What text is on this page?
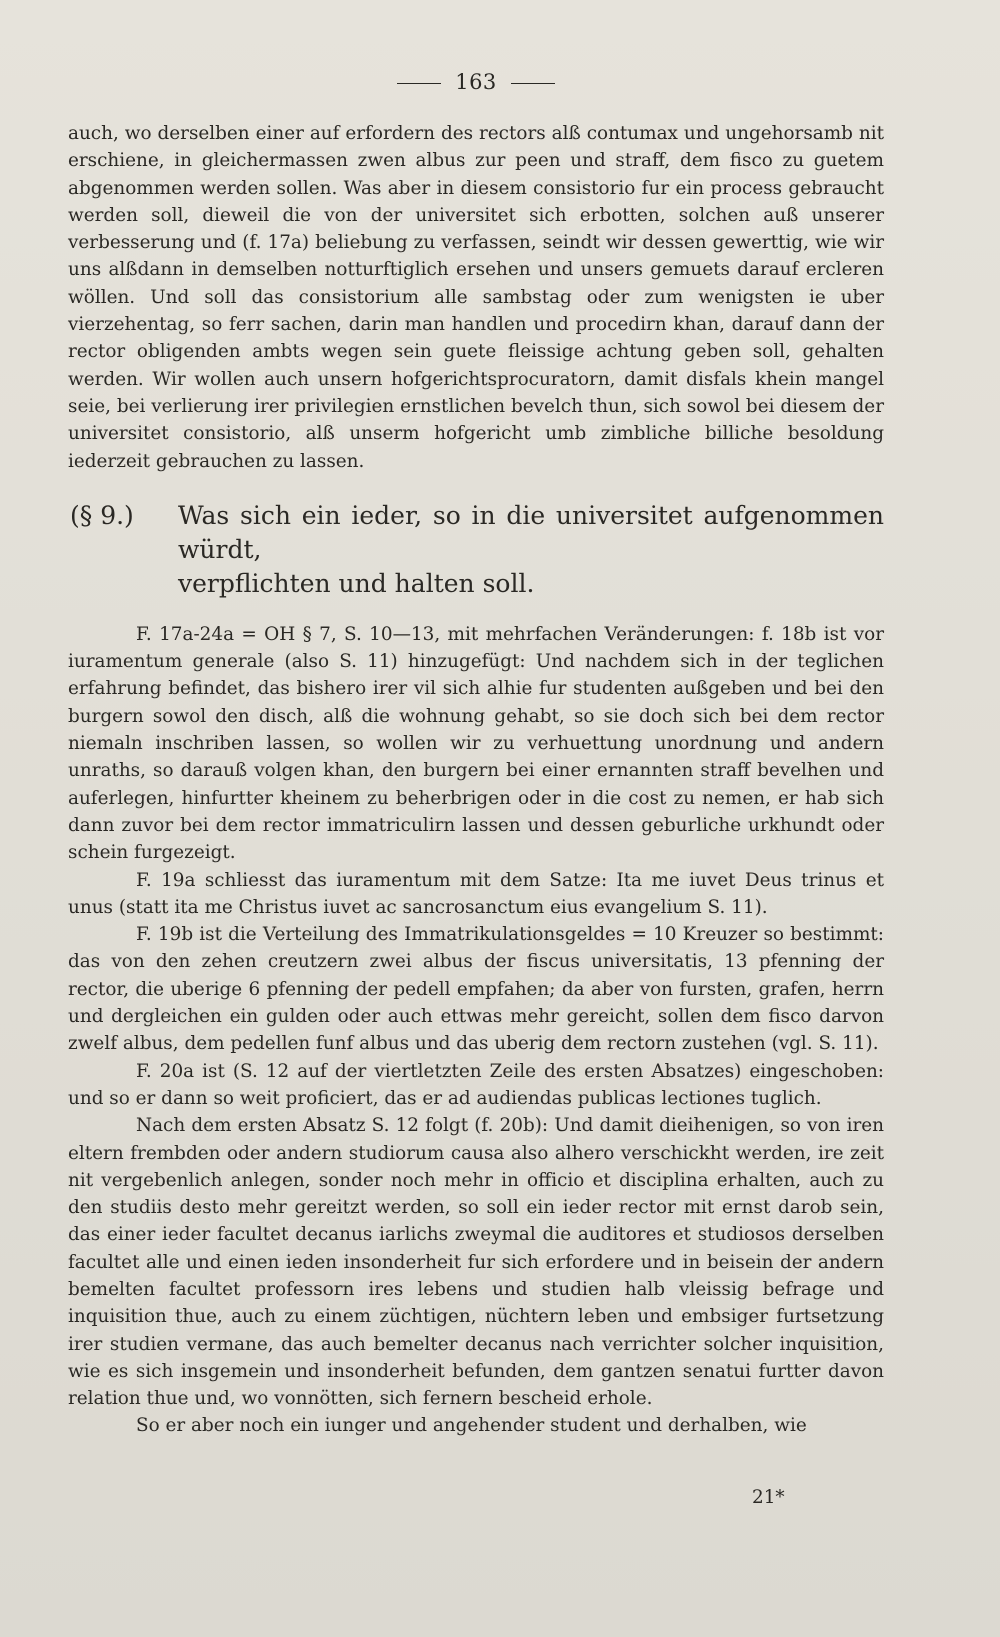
163

auch, wo derselben einer auf erfordern des rectors alß contumax und ungehorsamb nit erschiene, in gleichermassen zwen albus zur peen und straff, dem fisco zu guetem abgenommen werden sollen. Was aber in diesem consistorio fur ein process gebraucht werden soll, dieweil die von der universitet sich erbotten, solchen auß unserer verbesserung und (f. 17a) beliebung zu verfassen, seindt wir dessen gewerttig, wie wir uns alßdann in demselben notturftiglich ersehen und unsers gemuets darauf ercleren wöllen. Und soll das consistorium alle sambstag oder zum wenigsten ie uber vierzehentag, so ferr sachen, darin man handlen und procedirn khan, darauf dann der rector obligenden ambts wegen sein guete fleissige achtung geben soll, gehalten werden. Wir wollen auch unsern hofgerichtsprocuratorn, damit disfals khein mangel seie, bei verlierung irer privilegien ernstlichen bevelch thun, sich sowol bei diesem der universitet consistorio, alß unserm hofgericht umb zimbliche billiche besoldung iederzeit gebrauchen zu lassen.

(§ 9.)	Was sich ein ieder, so in die universitet aufgenommen würdt,
verpflichten und halten soll.

F. 17a-24a = OH § 7, S. 10—13, mit mehrfachen Veränderungen: f. 18b ist vor iuramentum generale (also S. 11) hinzugefügt: Und nachdem sich in der teglichen erfahrung befindet, das bishero irer vil sich alhie fur studenten außgeben und bei den burgern sowol den disch, alß die wohnung gehabt, so sie doch sich bei dem rector niemaln inschriben lassen, so wollen wir zu verhuettung unordnung und andern unraths, so darauß volgen khan, den burgern bei einer ernannten straff bevelhen und auferlegen, hinfurtter kheinem zu beherbrigen oder in die cost zu nemen, er hab sich dann zuvor bei dem rector immatriculirn lassen und dessen geburliche urkhundt oder schein furgezeigt.

F. 19a schliesst das iuramentum mit dem Satze: Ita me iuvet Deus trinus et unus (statt ita me Christus iuvet ac sancrosanctum eius evangelium S. 11).

F. 19b ist die Verteilung des Immatrikulationsgeldes = 10 Kreuzer so bestimmt: das von den zehen creutzern zwei albus der fiscus universitatis, 13 pfenning der rector, die uberige 6 pfenning der pedell empfahen; da aber von fursten, grafen, herrn und dergleichen ein gulden oder auch ettwas mehr gereicht, sollen dem fisco darvon zwelf albus, dem pedellen funf albus und das uberig dem rectorn zustehen (vgl. S. 11).

F. 20a ist (S. 12 auf der viertletzten Zeile des ersten Absatzes) eingeschoben: und so er dann so weit proficiert, das er ad audiendas publicas lectiones tuglich.

Nach dem ersten Absatz S. 12 folgt (f. 20b): Und damit dieihenigen, so von iren eltern frembden oder andern studiorum causa also alhero verschickht werden, ire zeit nit vergebenlich anlegen, sonder noch mehr in officio et disciplina erhalten, auch zu den studiis desto mehr gereitzt werden, so soll ein ieder rector mit ernst darob sein, das einer ieder facultet decanus iarlichs zweymal die auditores et studiosos derselben facultet alle und einen ieden insonderheit fur sich erfordere und in beisein der andern bemelten facultet professorn ires lebens und studien halb vleissig befrage und inquisition thue, auch zu einem züchtigen, nüchtern leben und embsiger furtsetzung irer studien vermane, das auch bemelter decanus nach verrichter solcher inquisition, wie es sich insgemein und insonderheit befunden, dem gantzen senatui furtter davon relation thue und, wo vonnötten, sich fernern bescheid erhole.

So er aber noch ein iunger und angehender student und derhalben, wie

21*
